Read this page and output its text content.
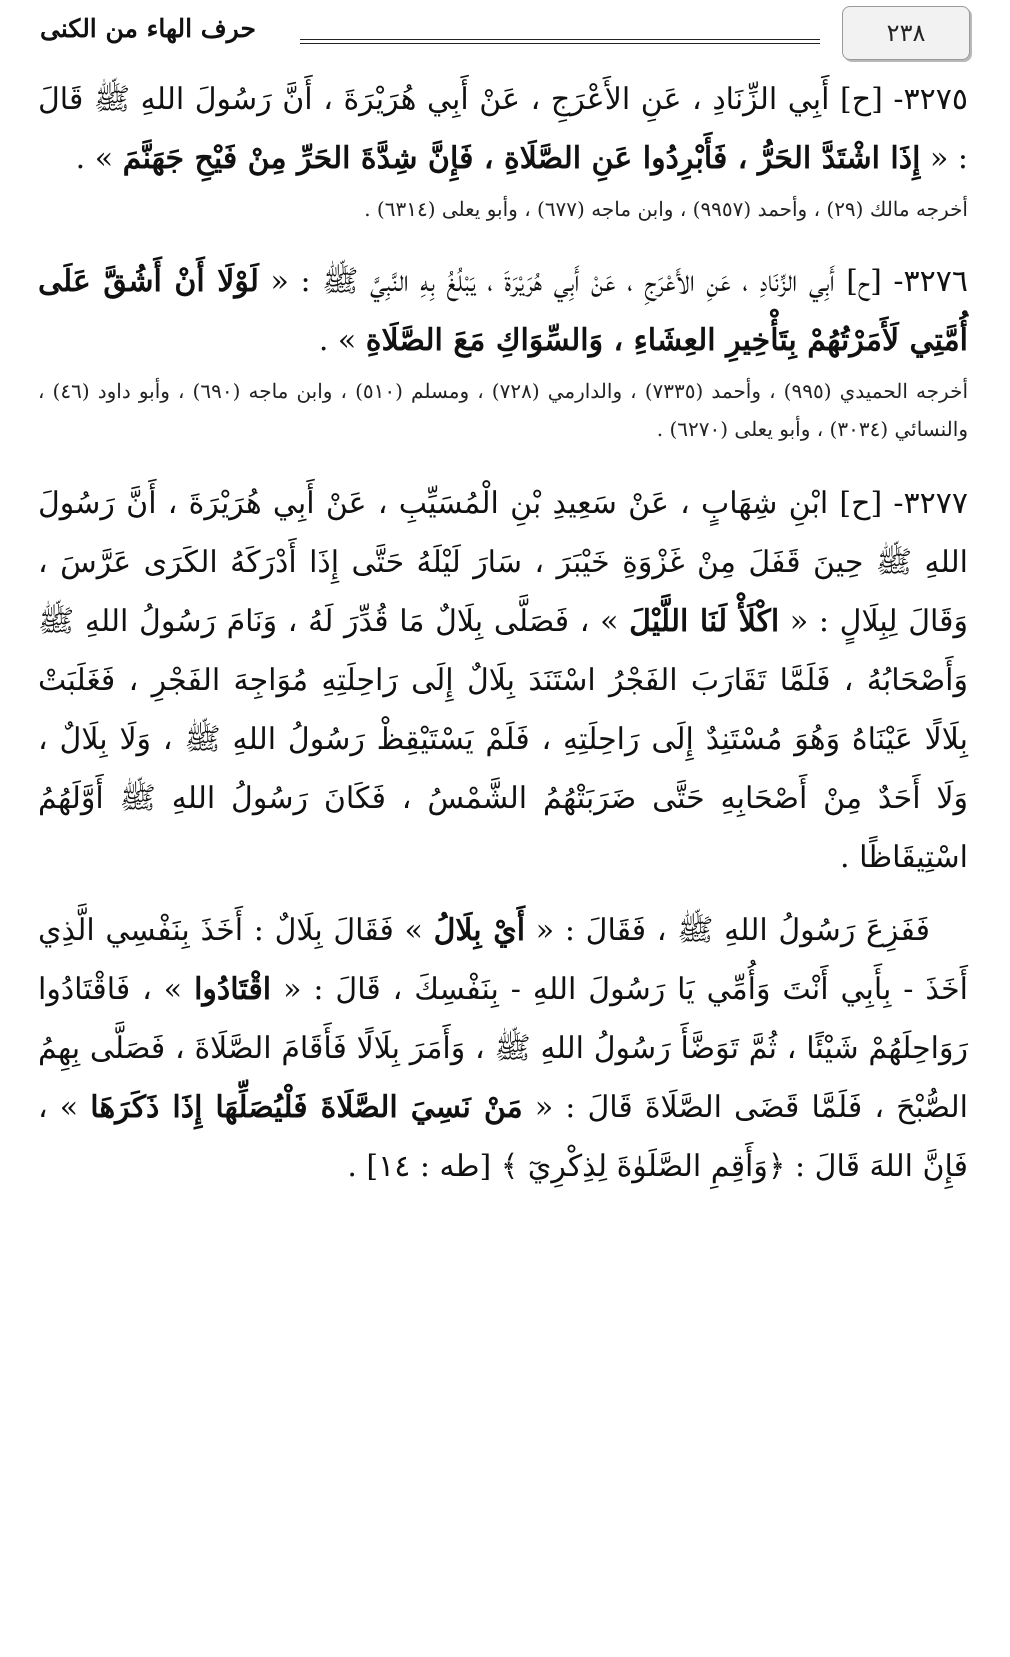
٢٣٨
حرف الهاء من الكنى

٣٢٧٥- [ح] أَبِي الزِّنَادِ ، عَنِ الأَعْرَجِ ، عَنْ أَبِي هُرَيْرَةَ ، أَنَّ رَسُولَ اللهِ ﷺ قَالَ : « إِذَا اشْتَدَّ الحَرُّ ، فَأَبْرِدُوا عَنِ الصَّلَاةِ ، فَإِنَّ شِدَّةَ الحَرِّ مِنْ فَيْحِ جَهَنَّمَ » .

أخرجه مالك (٢٩) ، وأحمد (٩٩٥٧) ، وابن ماجه (٦٧٧) ، وأبو يعلى (٦٣١٤) .

٣٢٧٦- [ح] أَبِي الزِّنَادِ ، عَنِ الأَعْرَجِ ، عَنْ أَبِي هُرَيْرَةَ ، يَبْلُغُ بِهِ النَّبِيَّ ﷺ : « لَوْلَا أَنْ أَشُقَّ عَلَى أُمَّتِي لَأَمَرْتُهُمْ بِتَأْخِيرِ العِشَاءِ ، وَالسِّوَاكِ مَعَ الصَّلَاةِ » .

أخرجه الحميدي (٩٩٥) ، وأحمد (٧٣٣٥) ، والدارمي (٧٢٨) ، ومسلم (٥١٠) ، وابن ماجه (٦٩٠) ، وأبو داود (٤٦) ، والنسائي (٣٠٣٤) ، وأبو يعلى (٦٢٧٠) .

٣٢٧٧- [ح] ابْنِ شِهَابٍ ، عَنْ سَعِيدِ بْنِ الْمُسَيِّبِ ، عَنْ أَبِي هُرَيْرَةَ ، أَنَّ رَسُولَ اللهِ ﷺ حِينَ قَفَلَ مِنْ غَزْوَةِ خَيْبَرَ ، سَارَ لَيْلَهُ حَتَّى إِذَا أَدْرَكَهُ الكَرَى عَرَّسَ ، وَقَالَ لِبِلَالٍ : « اكْلَأْ لَنَا اللَّيْلَ » ، فَصَلَّى بِلَالٌ مَا قُدِّرَ لَهُ ، وَنَامَ رَسُولُ اللهِ ﷺ وَأَصْحَابُهُ ، فَلَمَّا تَقَارَبَ الفَجْرُ اسْتَنَدَ بِلَالٌ إِلَى رَاحِلَتِهِ مُوَاجِهَ الفَجْرِ ، فَغَلَبَتْ بِلَالًا عَيْنَاهُ وَهُوَ مُسْتَنِدٌ إِلَى رَاحِلَتِهِ ، فَلَمْ يَسْتَيْقِظْ رَسُولُ اللهِ ﷺ ، وَلَا بِلَالٌ ، وَلَا أَحَدٌ مِنْ أَصْحَابِهِ حَتَّى ضَرَبَتْهُمُ الشَّمْسُ ، فَكَانَ رَسُولُ اللهِ ﷺ أَوَّلَهُمُ اسْتِيقَاظًا .

فَفَزِعَ رَسُولُ اللهِ ﷺ ، فَقَالَ : « أَيْ بِلَالُ » فَقَالَ بِلَالٌ : أَخَذَ بِنَفْسِي الَّذِي أَخَذَ - بِأَبِي أَنْتَ وَأُمِّي يَا رَسُولَ اللهِ - بِنَفْسِكَ ، قَالَ : « اقْتَادُوا » ، فَاقْتَادُوا رَوَاحِلَهُمْ شَيْئًا ، ثُمَّ تَوَضَّأَ رَسُولُ اللهِ ﷺ ، وَأَمَرَ بِلَالًا فَأَقَامَ الصَّلَاةَ ، فَصَلَّى بِهِمُ الصُّبْحَ ، فَلَمَّا قَضَى الصَّلَاةَ قَالَ : « مَنْ نَسِيَ الصَّلَاةَ فَلْيُصَلِّهَا إِذَا ذَكَرَهَا » ، فَإِنَّ اللهَ قَالَ : ﴿وَأَقِمِ الصَّلَوٰةَ لِذِكْرِيٓ ﴾ [طه : ١٤] .
